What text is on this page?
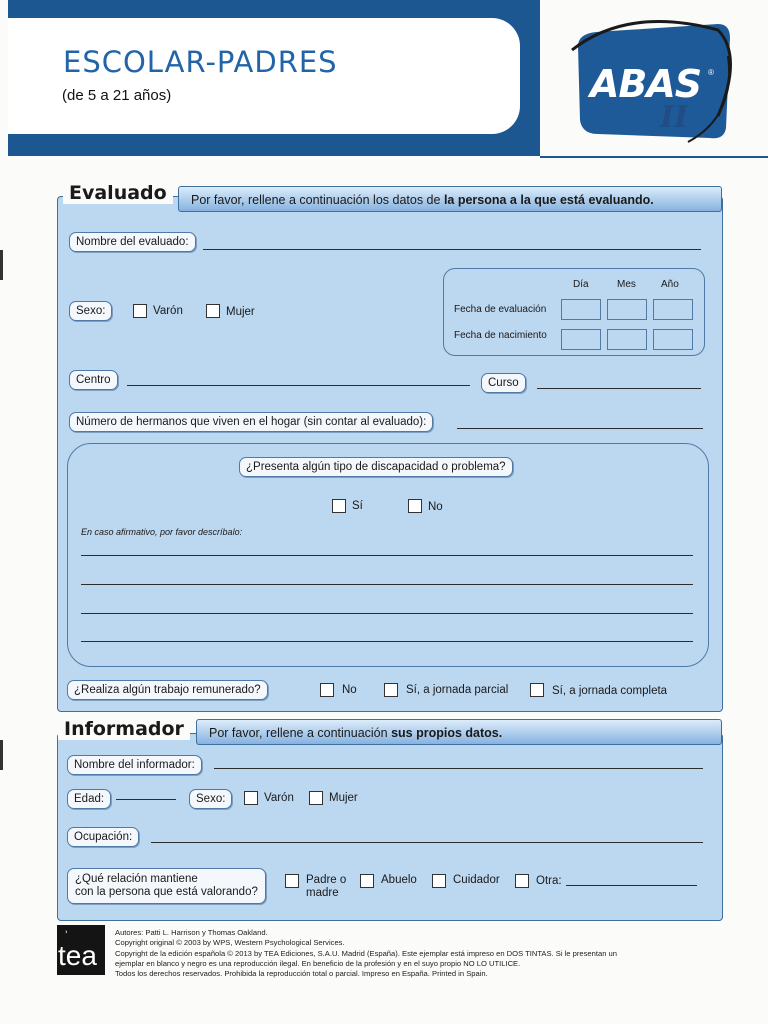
ESCOLAR-PADRES
(de 5 a 21 años)	ABAS ®
II
Por favor, rellene a continuación los datos de la persona a la que está evaluando.
Evaluado
Nombre del evaluado:
Sexo:	Varón	Mujer
Día	Mes	Año
Fecha de evaluación
Fecha de nacimiento
Centro	Curso
Número de hermanos que viven en el hogar (sin contar al evaluado):
¿Presenta algún tipo de discapacidad o problema?
Sí	No
En caso afirmativo, por favor descríbalo:
¿Realiza algún trabajo remunerado?	No	Sí, a jornada parcial	Sí, a jornada completa
Por favor, rellene a continuación sus propios datos.
Informador
Nombre del informador:
Edad:	Sexo:	Varón	Mujer
Ocupación:
¿Qué relación mantiene
con la persona que está valorando?
Padre o
madre
Abuelo	Cuidador	Otra:
ʾ
tea
Autores: Patti L. Harrison y Thomas Oakland.
Copyright original © 2003 by WPS, Western Psychological Services.
Copyright de la edición española © 2013 by TEA Ediciones, S.A.U. Madrid (España). Este ejemplar está impreso en DOS TINTAS. Si le presentan un
ejemplar en blanco y negro es una reproducción ilegal. En beneficio de la profesión y en el suyo propio NO LO UTILICE.
Todos los derechos reservados. Prohibida la reproducción total o parcial. Impreso en España. Printed in Spain.
